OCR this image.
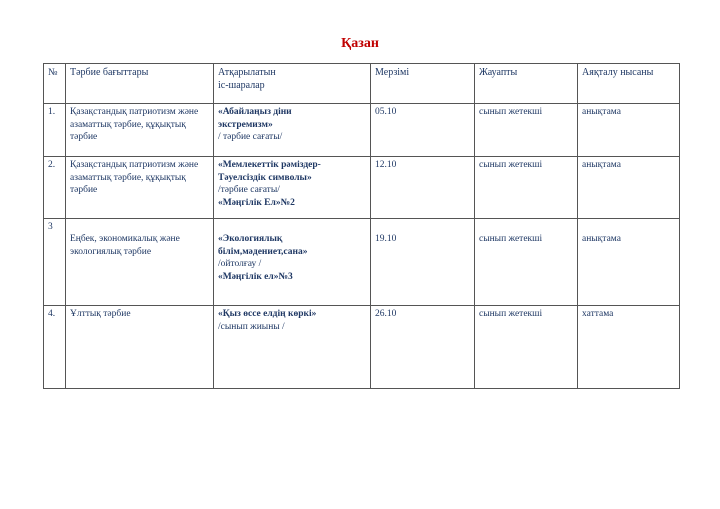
Қазан
№	Тәрбие бағыттары	Атқарылатын
іс-шаралар	Мерзімі	Жауапты	Аяқталу нысаны
1.	Қазақстандық патриотизм және азаматтық тәрбие, құқықтық тәрбие	«Абайлаңыз діни
экстремизм»
/ тәрбие сағаты/	05.10	сынып жетекші	анықтама
2.	Қазақстандық патриотизм және азаматтық тәрбие, құқықтық тәрбие	«Мемлекеттік рәміздер-
Тәуелсіздік символы»
/тәрбие сағаты/
«Мәңгілік Ел»№2	12.10	сынып жетекші	анықтама
3	Еңбек, экономикалық және экологиялық тәрбие	«Экологиялық
білім,мәдениет,сана»
/ойтолғау /
«Мәңгілік ел»№3	19.10	сынып жетекші	анықтама
4.	Ұлттық тәрбие	«Қыз өссе елдің көркі»
/сынып жиыны /	26.10	сынып жетекші	хаттама
